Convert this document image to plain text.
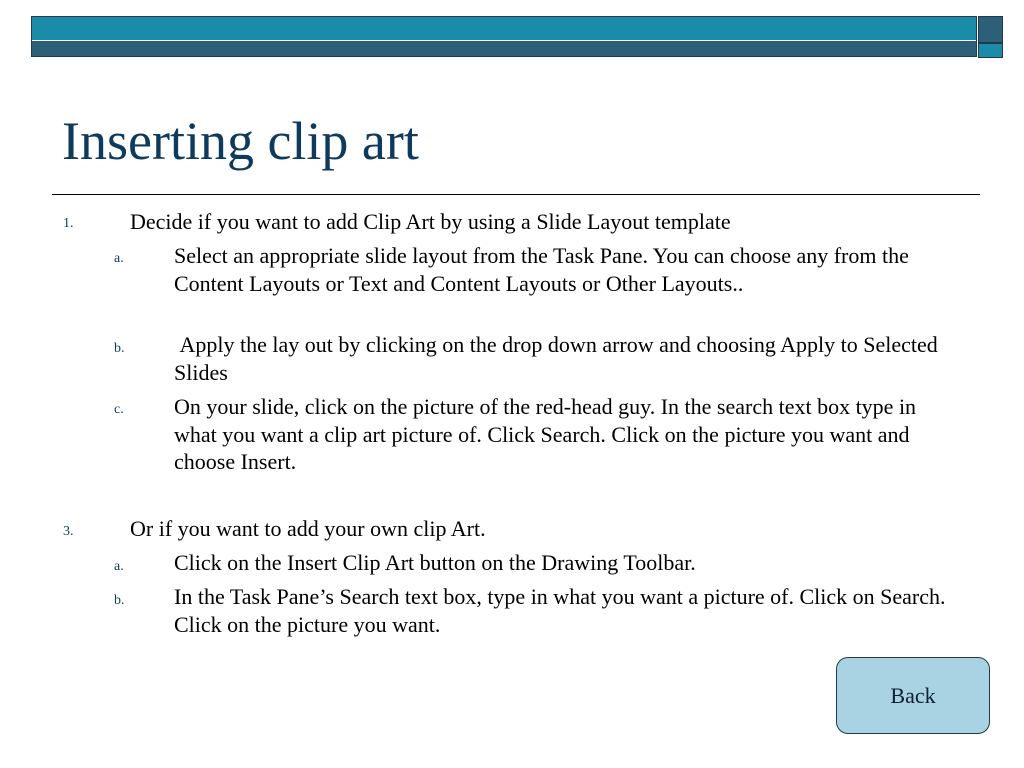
Inserting clip art
1.	Decide if you want to add Clip Art by using a Slide Layout template
a. Select an appropriate slide layout from the Task Pane. You can choose any from the Content Layouts or Text and Content Layouts or Other Layouts..
b. Apply the lay out by clicking on the drop down arrow and choosing Apply to Selected Slides
c. On your slide, click on the picture of the red-head guy. In the search text box type in what you want a clip art picture of. Click Search. Click on the picture you want and choose Insert.
3.	Or if you want to add your own clip Art.
a. Click on the Insert Clip Art button on the Drawing Toolbar.
b. In the Task Pane’s Search text box, type in what you want a picture of. Click on Search. Click on the picture you want.
Back
